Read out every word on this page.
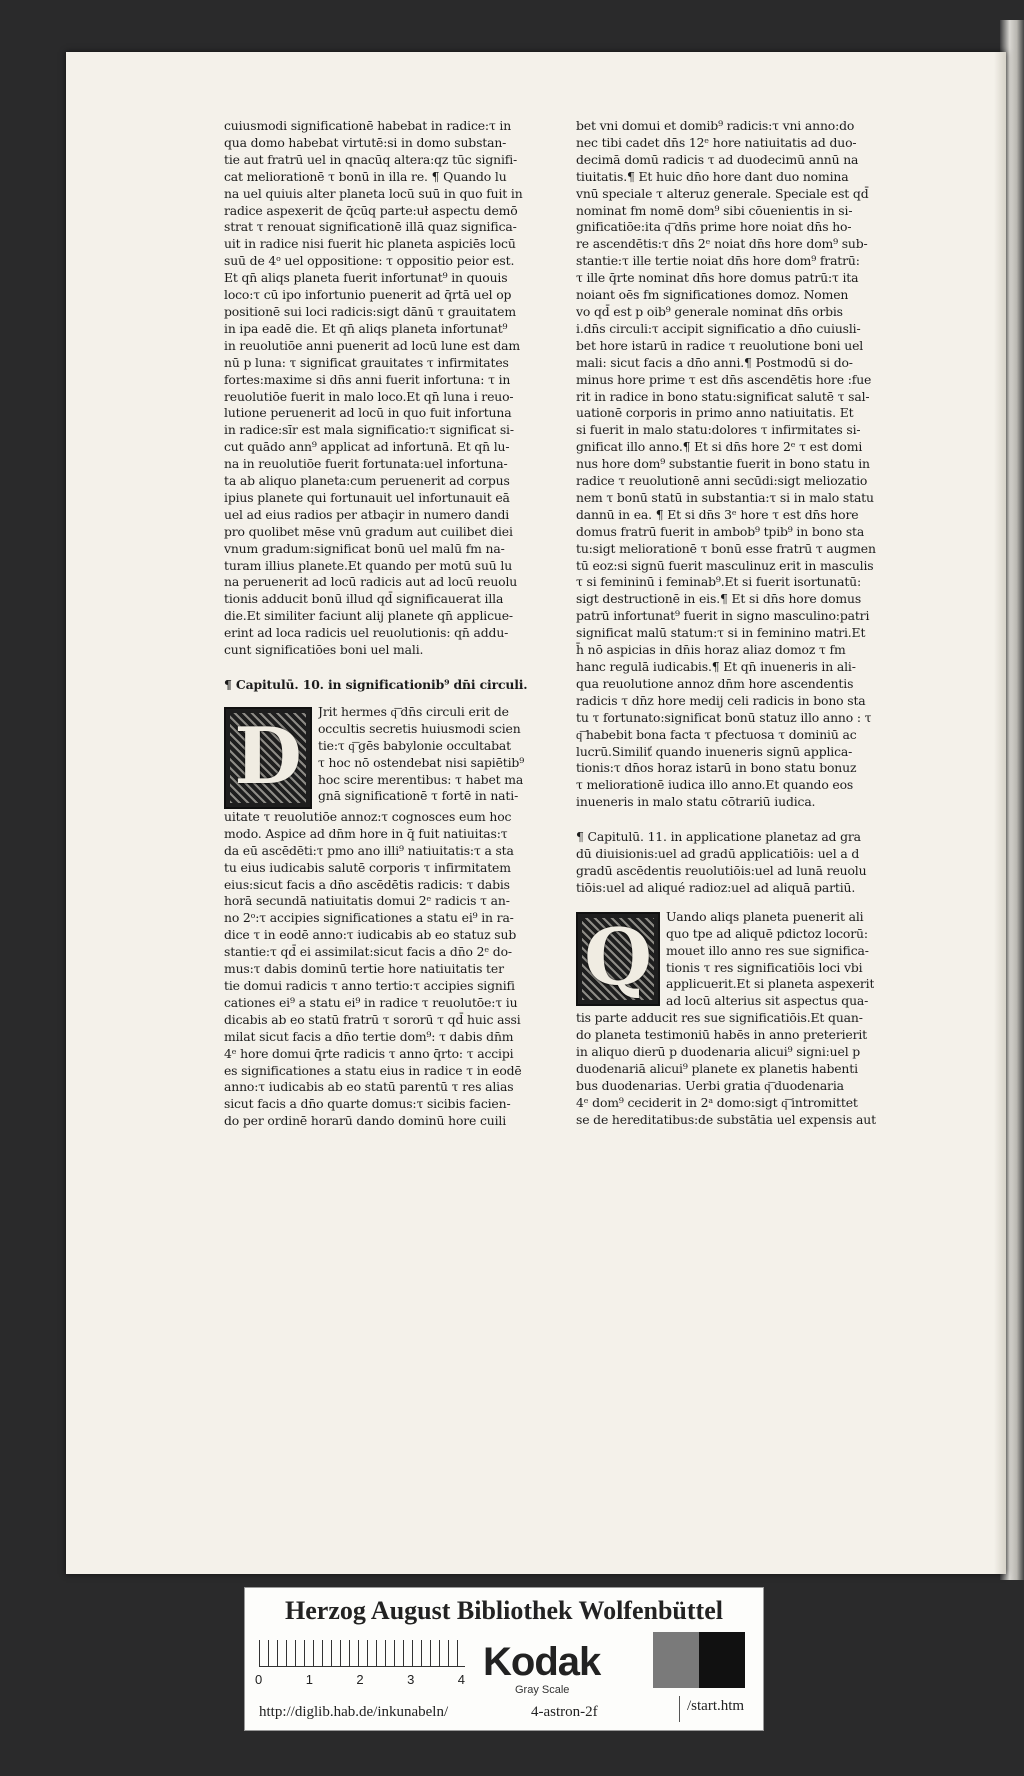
cuiusmodi significationē habebat in radice:τ in

qua domo habebat virtutē:si in domo substan‐

tie aut fratrū uel in qnacūq altera:qz tūc signifi‐

cat meliorationē τ bonū in illa re. ¶ Quando lu

na uel quiuis alter planeta locū suū in quo fuit in

radice aspexerit de q̄cūq parte:uł aspectu demō

strat τ renouat significationē illā quaz significa‐

uit in radice nisi fuerit hic planeta aspiciēs locū

suū de 4ᵒ uel oppositione: τ oppositio peior est.

Et qn̄ aliqs planeta fuerit infortunat⁹ in quouis

loco:τ cū ipo infortunio puenerit ad q̄rtā uel op

positionē sui loci radicis:sigt dānū τ grauitatem

in ipa eadē die. Et qn̄ aliqs planeta infortunat⁹

in reuolutiōe anni puenerit ad locū lune est dam

nū p luna: τ significat grauitates τ infirmitates

fortes:maxime si dn̄s anni fuerit infortuna: τ in

reuolutiōe fuerit in malo loco.Et qn̄ luna i reuo‐

lutione peruenerit ad locū in quo fuit infortuna

in radice:sīr est mala significatio:τ significat si‐

cut quādo ann⁹ applicat ad infortunā. Et qn̄ lu‐

na in reuolutiōe fuerit fortunata:uel infortuna‐

ta ab aliquo planeta:cum peruenerit ad corpus

ipius planete qui fortunauit uel infortunauit eā

uel ad eius radios per atbaçir in numero dandi

pro quolibet mēse vnū gradum aut cuilibet diei

vnum gradum:significat bonū uel malū fm na‐

turam illius planete.Et quando per motū suū lu

na peruenerit ad locū radicis aut ad locū reuolu

tionis adducit bonū illud qd̄ significauerat illa

die.Et similiter faciunt alij planete qn̄ applicue‐

erint ad loca radicis uel reuolutionis: qn̄ addu‐

cunt significatiōes boni uel mali.

¶ Capitulū. 10. in significationib⁹ dn̄i circuli.

D

Jrit hermes q͞ dn̄s circuli erit de

occultis secretis huiusmodi scien

tie:τ q͞ gēs babylonie occultabat

τ hoc nō ostendebat nisi sapiētib⁹

hoc scire merentibus: τ habet ma

gnā significationē τ fortē in nati‐

uitate τ reuolutiōe annoz:τ cognosces eum hoc

modo. Aspice ad dn̄m hore in q̄ fuit natiuitas:τ

da eū ascēdēti:τ pmo ano illi⁹ natiuitatis:τ a sta

tu eius iudicabis salutē corporis τ infirmitatem

eius:sicut facis a dn̄o ascēdētis radicis: τ dabis

horā secundā natiuitatis domui 2ᵉ radicis τ an‐

no 2ᵒ:τ accipies significationes a statu ei⁹ in ra‐

dice τ in eodē anno:τ iudicabis ab eo statuz sub

stantie:τ qd̄ ei assimilat:sicut facis a dn̄o 2ᵉ do‐

mus:τ dabis dominū tertie hore natiuitatis ter

tie domui radicis τ anno tertio:τ accipies signifi

cationes ei⁹ a statu ei⁹ in radice τ reuolutōe:τ iu

dicabis ab eo statū fratrū τ sororū τ qd̄ huic assi

milat sicut facis a dn̄o tertie dom⁹: τ dabis dn̄m

4ᵉ hore domui q̄rte radicis τ anno q̄rto: τ accipi

es significationes a statu eius in radice τ in eodē

anno:τ iudicabis ab eo statū parentū τ res alias

sicut facis a dn̄o quarte domus:τ sicibis facien‐

do per ordinē horarū dando dominū hore cuili

bet vni domui et domib⁹ radicis:τ vni anno:do

nec tibi cadet dn̄s 12ᵉ hore natiuitatis ad duo‐

decimā domū radicis τ ad duodecimū annū na

tiuitatis.¶ Et huic dn̄o hore dant duo nomina

vnū speciale τ alteruz generale. Speciale est qd̄

nominat fm nomē dom⁹ sibi cōuenientis in si‐

gnificatiōe:ita q͞ dn̄s prime hore noiat dn̄s ho‐

re ascendētis:τ dn̄s 2ᵉ noiat dn̄s hore dom⁹ sub‐

stantie:τ ille tertie noiat dn̄s hore dom⁹ fratrū:

τ ille q̄rte nominat dn̄s hore domus patrū:τ ita

noiant oēs fm significationes domoz. Nomen

vo qd̄ est p oib⁹ generale nominat dn̄s orbis

i.dn̄s circuli:τ accipit significatio a dn̄o cuiusli‐

bet hore istarū in radice τ reuolutione boni uel

mali: sicut facis a dn̄o anni.¶ Postmodū si do‐

minus hore prime τ est dn̄s ascendētis hore :fue

rit in radice in bono statu:significat salutē τ sal‐

uationē corporis in primo anno natiuitatis. Et

si fuerit in malo statu:dolores τ infirmitates si‐

gnificat illo anno.¶ Et si dn̄s hore 2ᵉ τ est domi

nus hore dom⁹ substantie fuerit in bono statu in

radice τ reuolutionē anni secūdi:sigt meliozatio

nem τ bonū statū in substantia:τ si in malo statu

dannū in ea. ¶ Et si dn̄s 3ᵉ hore τ est dn̄s hore

domus fratrū fuerit in ambob⁹ tpib⁹ in bono sta

tu:sigt meliorationē τ bonū esse fratrū τ augmen

tū eoz:si signū fuerit masculinuz erit in masculis

τ si femininū i feminab⁹.Et si fuerit isortunatū:

sigt destructionē in eis.¶ Et si dn̄s hore domus

patrū infortunat⁹ fuerit in signo masculino:patri

significat malū statum:τ si in feminino matri.Et

h̄ nō aspicias in dn̄is horaz aliaz domoz τ fm

hanc regulā iudicabis.¶ Et qn̄ inueneris in ali‐

qua reuolutione annoz dn̄m hore ascendentis

radicis τ dn̄z hore medij celi radicis in bono sta

tu τ fortunato:significat bonū statuz illo anno : τ

q͞ habebit bona facta τ pfectuosa τ dominiū ac

lucrū.Similiť quando inueneris signū applica‐

tionis:τ dn̄os horaz istarū in bono statu bonuz

τ meliorationē iudica illo anno.Et quando eos

inueneris in malo statu cōtrariū iudica.

¶ Capitulū. 11. in applicatione planetaz ad gra

dū diuisionis:uel ad gradū applicatiōis: uel a d

gradū ascēdentis reuolutiōis:uel ad lunā reuolu

tiōis:uel ad aliqué radioz:uel ad aliquā partiū.

Q	Uando aliqs planeta puenerit ali

quo tpe ad aliquē pdictoz locorū:

mouet illo anno res sue significa‐

tionis τ res significatiōis loci vbi

applicuerit.Et si planeta aspexerit

ad locū alterius sit aspectus qua‐

tis parte adducit res sue significatiōis.Et quan‐

do planeta testimoniū habēs in anno preterierit

in aliquo dierū p duodenaria alicui⁹ signi:uel p

duodenariā alicui⁹ planete ex planetis habenti

bus duodenarias. Uerbi gratia q͞ duodenaria

4ᵉ dom⁹ ceciderit in 2ᵃ domo:sigt q͞ intromittet

se de hereditatibus:de substātia uel expensis aut

Herzog August Bibliothek Wolfenbüttel
0	1	2	3	4 Kodak
Gray Scale
http://diglib.hab.de/inkunabeln/	4-astron-2f	/start.htm
